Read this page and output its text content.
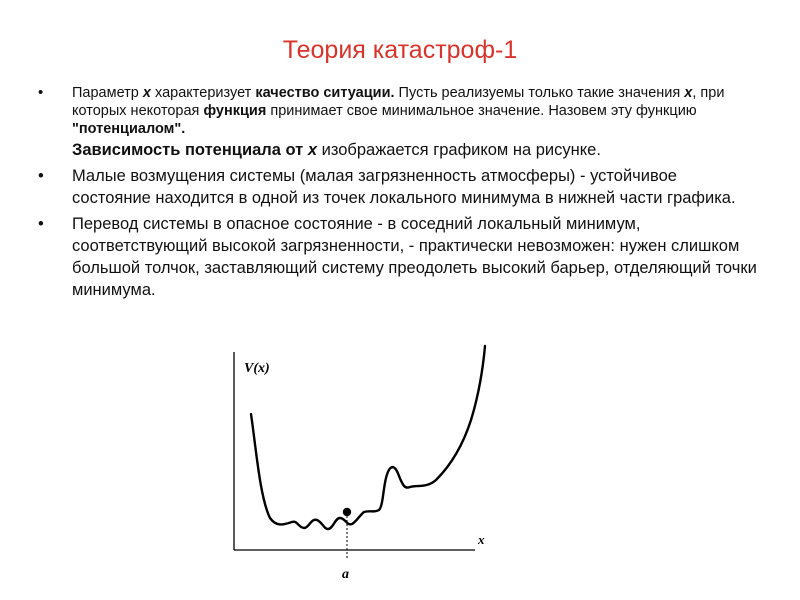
Теория катастроф-1
• Параметр x характеризует качество ситуации. Пусть реализуемы только такие значения x, при которых некоторая функция принимает свое минимальное значение. Назовем эту функцию "потенциалом".
Зависимость потенциала от x изображается графиком на рисунке.
• Малые возмущения системы (малая загрязненность атмосферы) - устойчивое состояние находится в одной из точек локального минимума в нижней части графика.
• Перевод системы в опасное состояние - в соседний локальный минимум, соответствующий высокой загрязненности, - практически невозможен: нужен слишком большой толчок, заставляющий систему преодолеть высокий барьер, отделяющий точки минимума.
V(x)
x
a
